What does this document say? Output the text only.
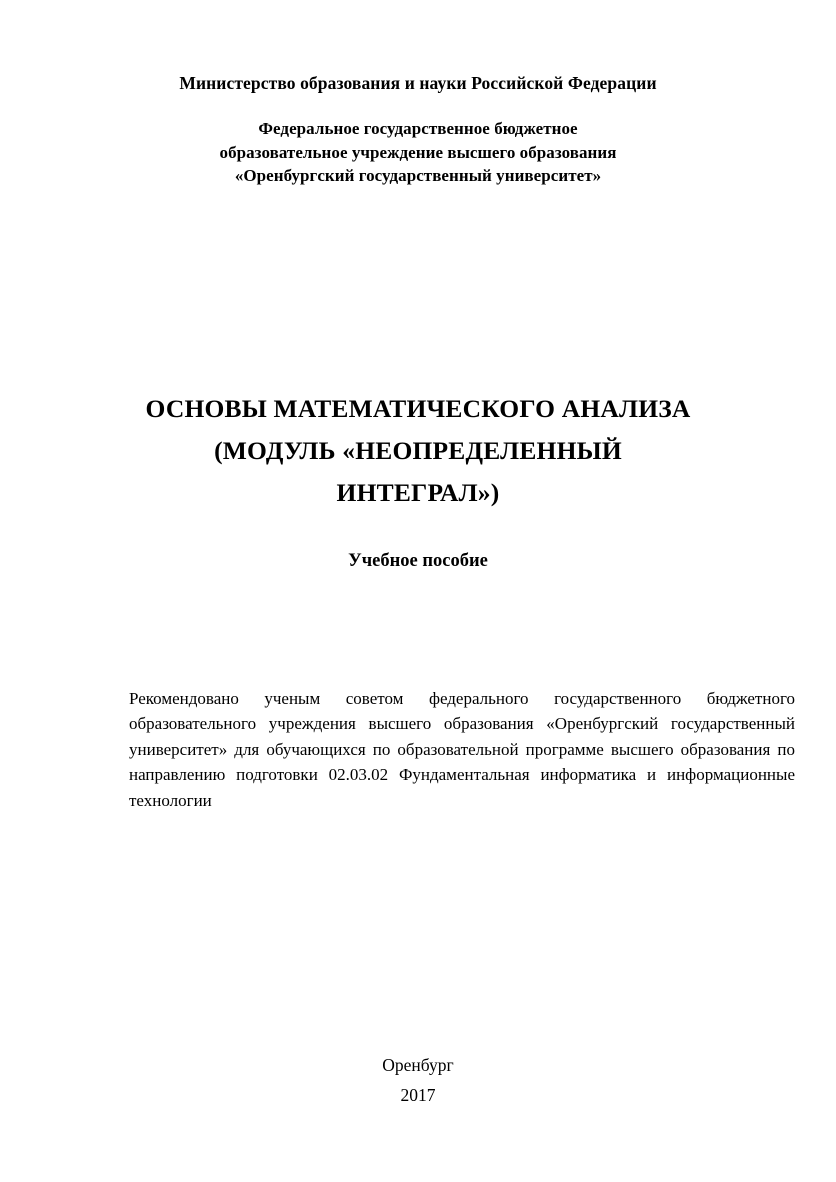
Министерство образования и науки Российской Федерации
Федеральное государственное бюджетное
образовательное учреждение высшего образования
«Оренбургский государственный университет»
ОСНОВЫ МАТЕМАТИЧЕСКОГО АНАЛИЗА
(МОДУЛЬ «НЕОПРЕДЕЛЕННЫЙ
ИНТЕГРАЛ»)
Учебное пособие

Рекомендовано ученым советом федерального государственного бюджетного образовательного учреждения высшего образования «Оренбургский государственный университет» для обучающихся по образовательной программе высшего образования по направлению подготовки 02.03.02 Фундаментальная информатика и информационные технологии

Оренбург
2017
